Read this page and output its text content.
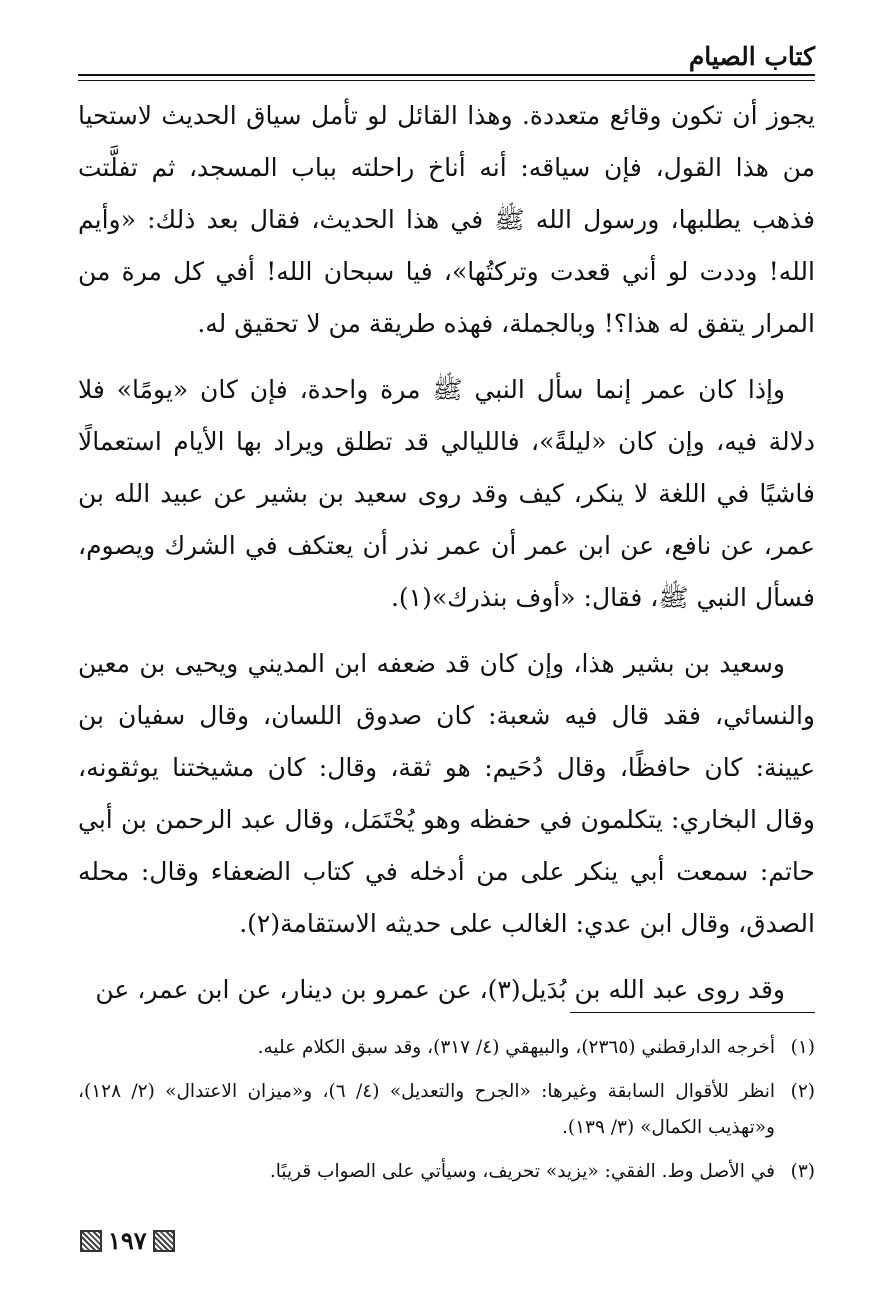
كتاب الصيام

يجوز أن تكون وقائع متعددة. وهذا القائل لو تأمل سياق الحديث لاستحيا من هذا القول، فإن سياقه: أنه أناخ راحلته بباب المسجد، ثم تفلَّتت فذهب يطلبها، ورسول الله ﷺ في هذا الحديث، فقال بعد ذلك: «وأيم الله! وددت لو أني قعدت وتركتُها»، فيا سبحان الله! أفي كل مرة من المرار يتفق له هذا؟! وبالجملة، فهذه طريقة من لا تحقيق له.

وإذا كان عمر إنما سأل النبي ﷺ مرة واحدة، فإن كان «يومًا» فلا دلالة فيه، وإن كان «ليلةً»، فالليالي قد تطلق ويراد بها الأيام استعمالًا فاشيًا في اللغة لا ينكر، كيف وقد روى سعيد بن بشير عن عبيد الله بن عمر، عن نافع، عن ابن عمر أن عمر نذر أن يعتكف في الشرك ويصوم، فسأل النبي ﷺ، فقال: «أوف بنذرك»(١).

وسعيد بن بشير هذا، وإن كان قد ضعفه ابن المديني ويحيى بن معين والنسائي، فقد قال فيه شعبة: كان صدوق اللسان، وقال سفيان بن عيينة: كان حافظًا، وقال دُحَيم: هو ثقة، وقال: كان مشيختنا يوثقونه، وقال البخاري: يتكلمون في حفظه وهو يُحْتَمَل، وقال عبد الرحمن بن أبي حاتم: سمعت أبي ينكر على من أدخله في كتاب الضعفاء وقال: محله الصدق، وقال ابن عدي: الغالب على حديثه الاستقامة(٢).

وقد روى عبد الله بن بُدَيل(٣)، عن عمرو بن دينار، عن ابن عمر، عن

(١)
أخرجه الدارقطني (٢٣٦٥)، والبيهقي (٤/ ٣١٧)، وقد سبق الكلام عليه.

(٢)
انظر للأقوال السابقة وغيرها: «الجرح والتعديل» (٤/ ٦)، و«ميزان الاعتدال» (٢/ ١٢٨)، و«تهذيب الكمال» (٣/ ١٣٩).

(٣)
في الأصل وط. الفقي: «يزيد» تحريف، وسيأتي على الصواب قريبًا.

١٩٧
